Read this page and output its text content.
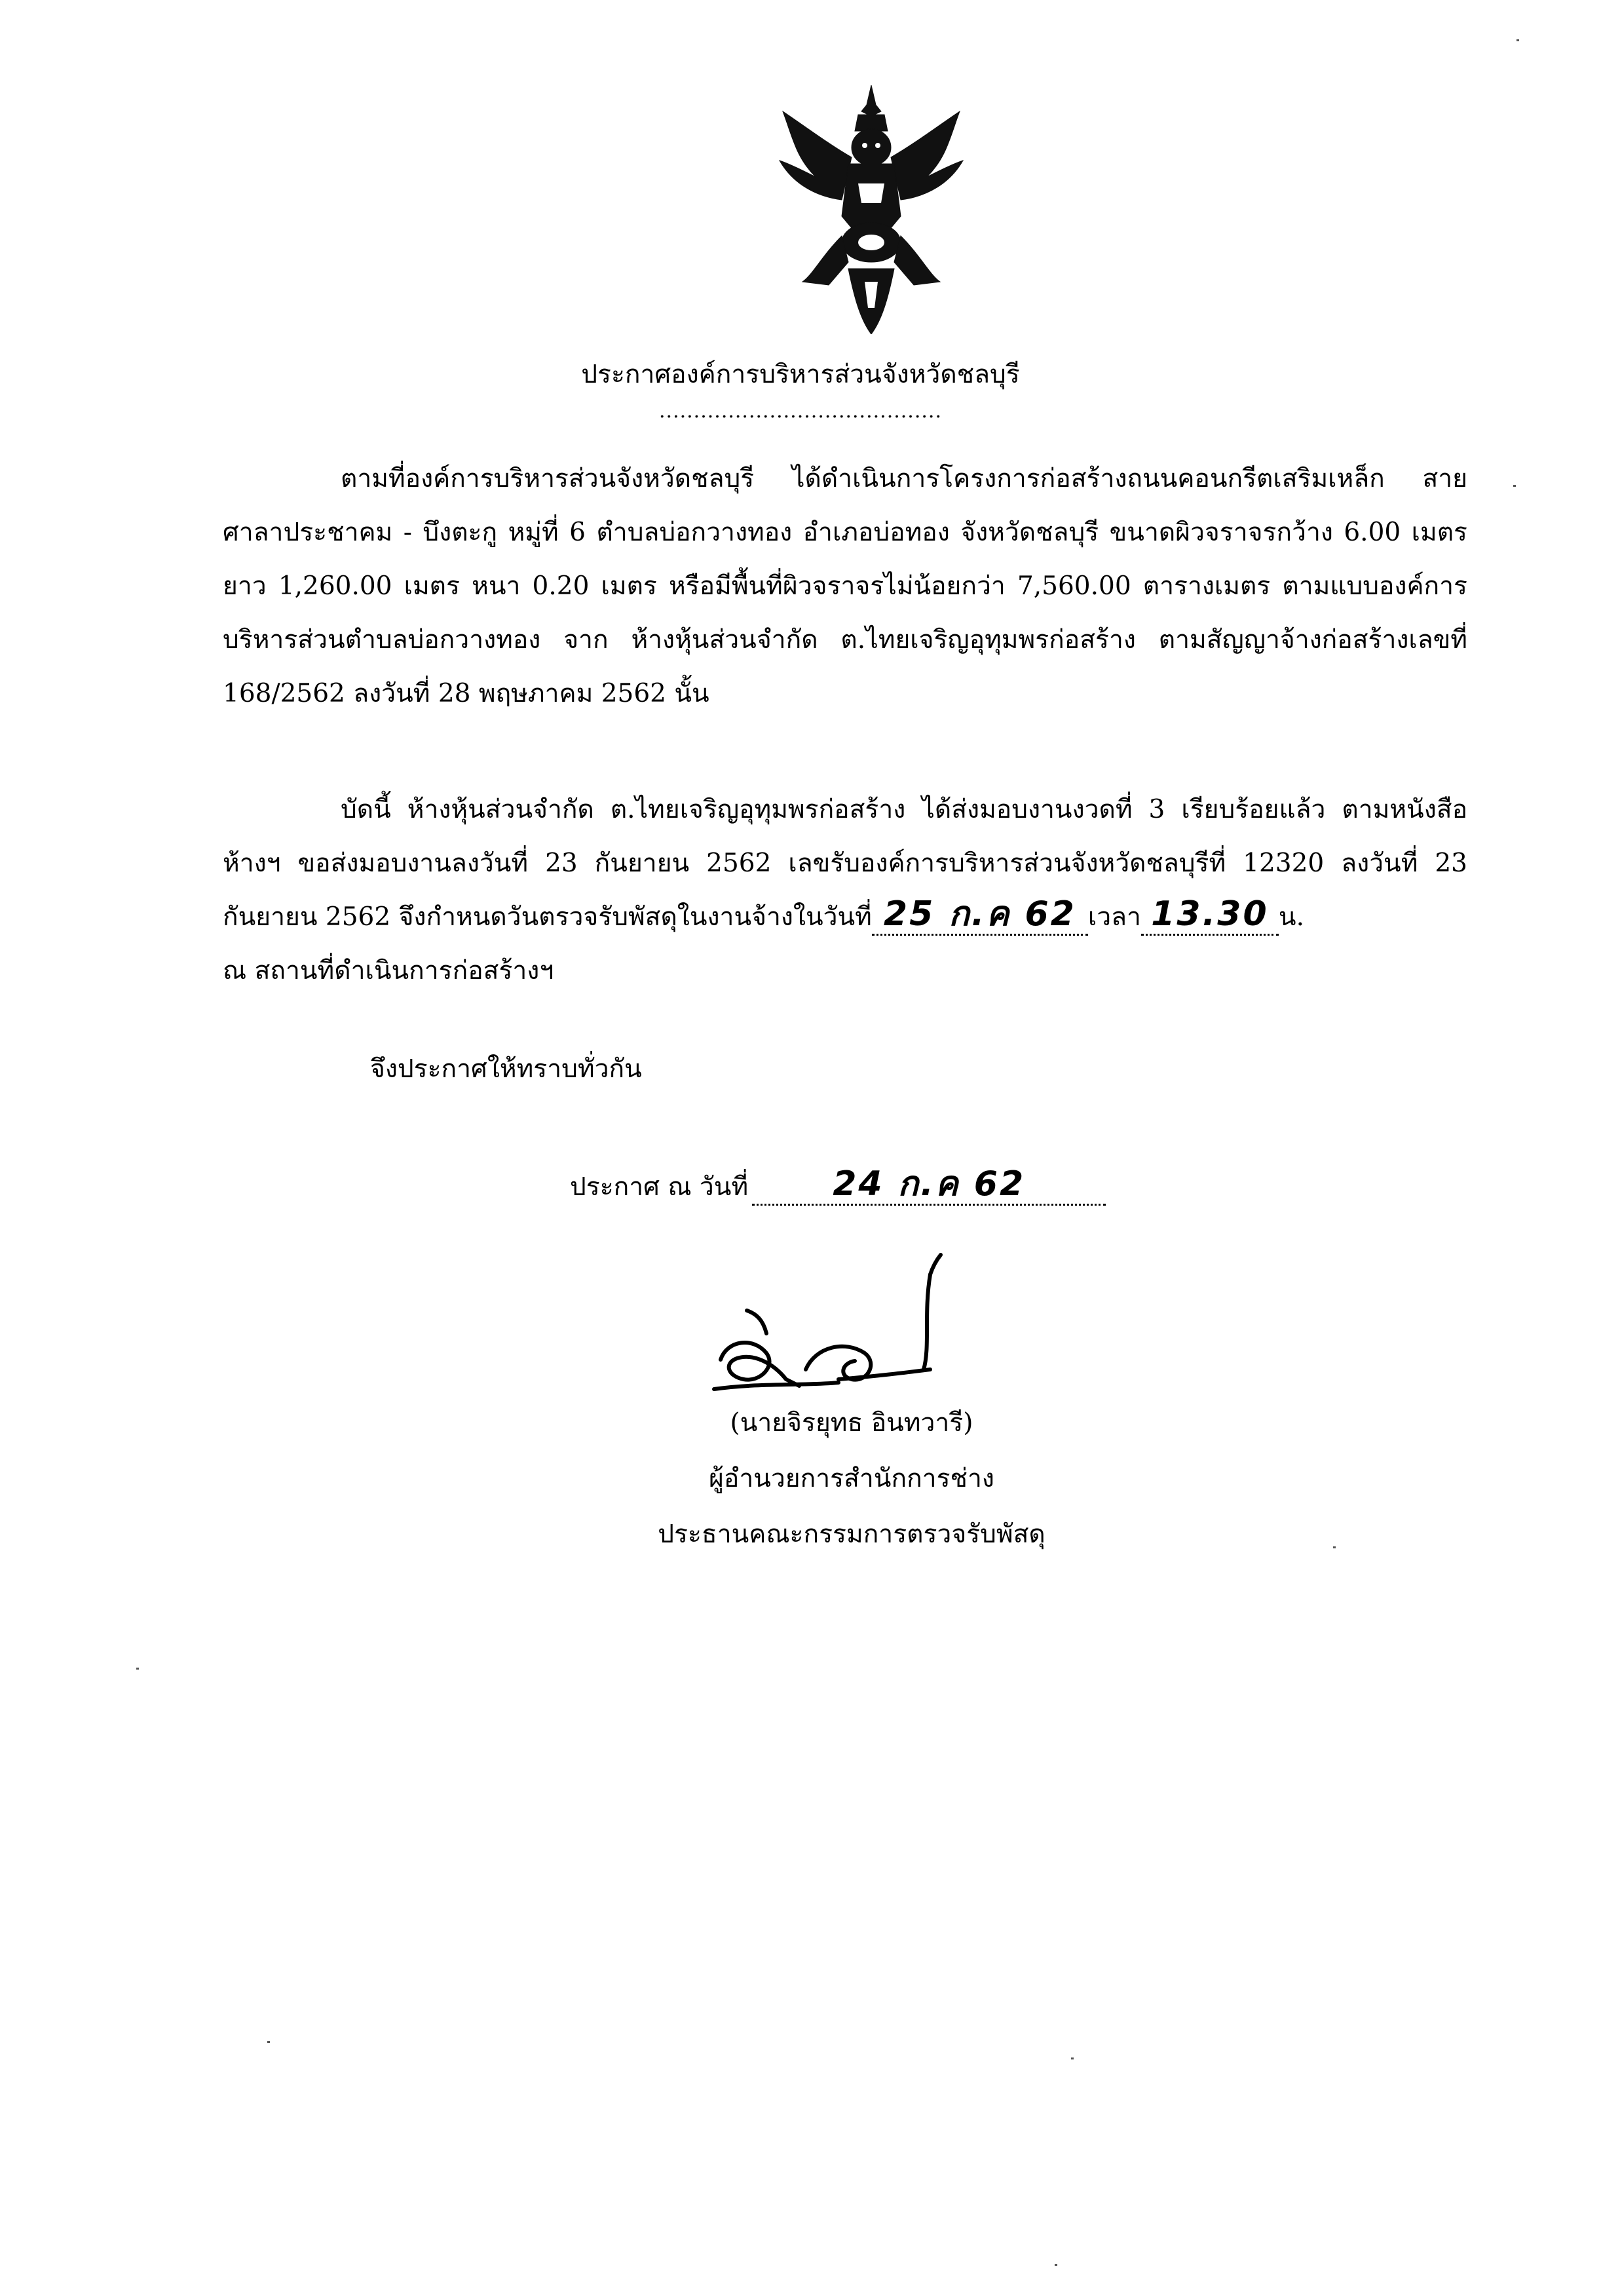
ประกาศองค์การบริหารส่วนจังหวัดชลบุรี
.........................................
ตามที่องค์การบริหารส่วนจังหวัดชลบุรี ได้ดำเนินการโครงการก่อสร้างถนนคอนกรีตเสริมเหล็ก สายศาลาประชาคม - บึงตะกู หมู่ที่ 6 ตำบลบ่อกวางทอง อำเภอบ่อทอง จังหวัดชลบุรี ขนาดผิวจราจรกว้าง 6.00 เมตร ยาว 1,260.00 เมตร หนา 0.20 เมตร หรือมีพื้นที่ผิวจราจรไม่น้อยกว่า 7,560.00 ตารางเมตร ตามแบบองค์การบริหารส่วนตำบลบ่อกวางทอง จาก ห้างหุ้นส่วนจำกัด ต.ไทยเจริญอุทุมพรก่อสร้าง ตามสัญญาจ้างก่อสร้างเลขที่ 168/2562 ลงวันที่ 28 พฤษภาคม 2562 นั้น
บัดนี้ ห้างหุ้นส่วนจำกัด ต.ไทยเจริญอุทุมพรก่อสร้าง ได้ส่งมอบงานงวดที่ 3 เรียบร้อยแล้ว ตามหนังสือ ห้างฯ ขอส่งมอบงานลงวันที่ 23 กันยายน 2562 เลขรับองค์การบริหารส่วนจังหวัดชลบุรีที่ 12320 ลงวันที่ 23 กันยายน 2562 จึงกำหนดวันตรวจรับพัสดุในงานจ้างในวันที่ 25 ก.ค 62 เวลา 13.30 น.
ณ สถานที่ดำเนินการก่อสร้างฯ
จึงประกาศให้ทราบทั่วกัน
ประกาศ ณ วันที่ 24 ก.ค 62
(นายจิรยุทธ อินทวารี)
ผู้อำนวยการสำนักการช่าง
ประธานคณะกรรมการตรวจรับพัสดุ
